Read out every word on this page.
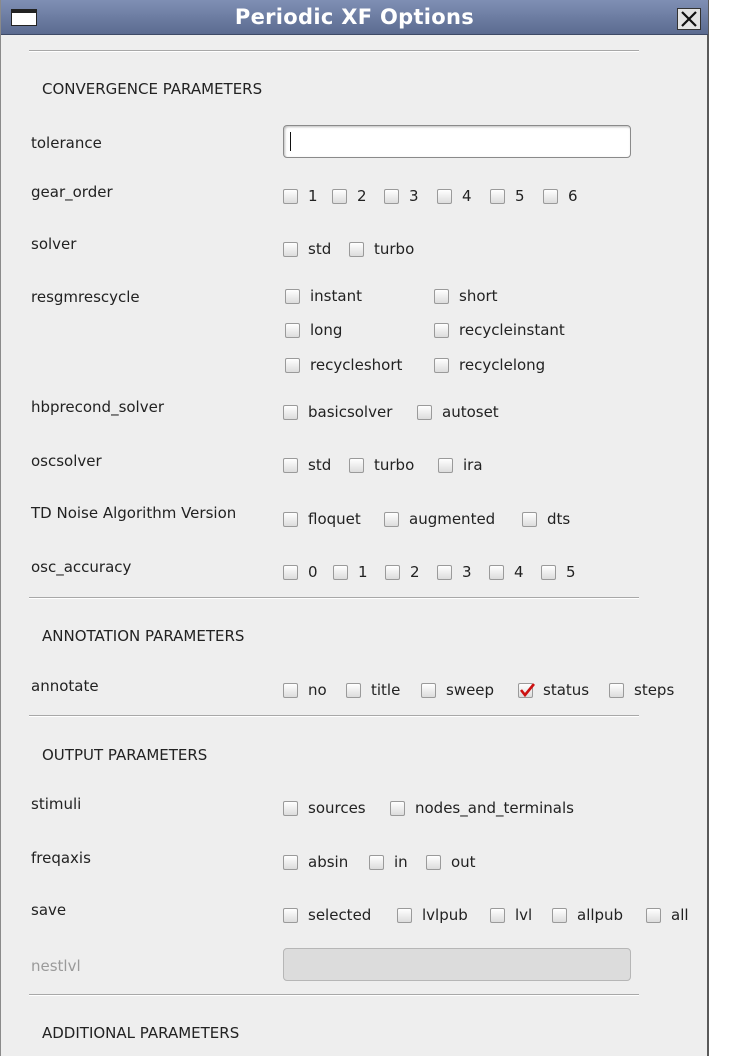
Periodic XF Options
CONVERGENCE PARAMETERS
tolerance
gear_order	1	2	3	4	5	6
solver	std	turbo
resgmrescycle	instant	short
long	recycleinstant
recycleshort	recyclelong
hbprecond_solver	basicsolver	autoset
oscsolver	std	turbo	ira
TD Noise Algorithm Version	floquet	augmented	dts
osc_accuracy	0	1	2	3	4	5
ANNOTATION PARAMETERS
annotate	no	title	sweep	status	steps
OUTPUT PARAMETERS
stimuli	sources	nodes_and_terminals
freqaxis	absin	in	out
save	selected	lvlpub	lvl	allpub	all
nestlvl
ADDITIONAL PARAMETERS
